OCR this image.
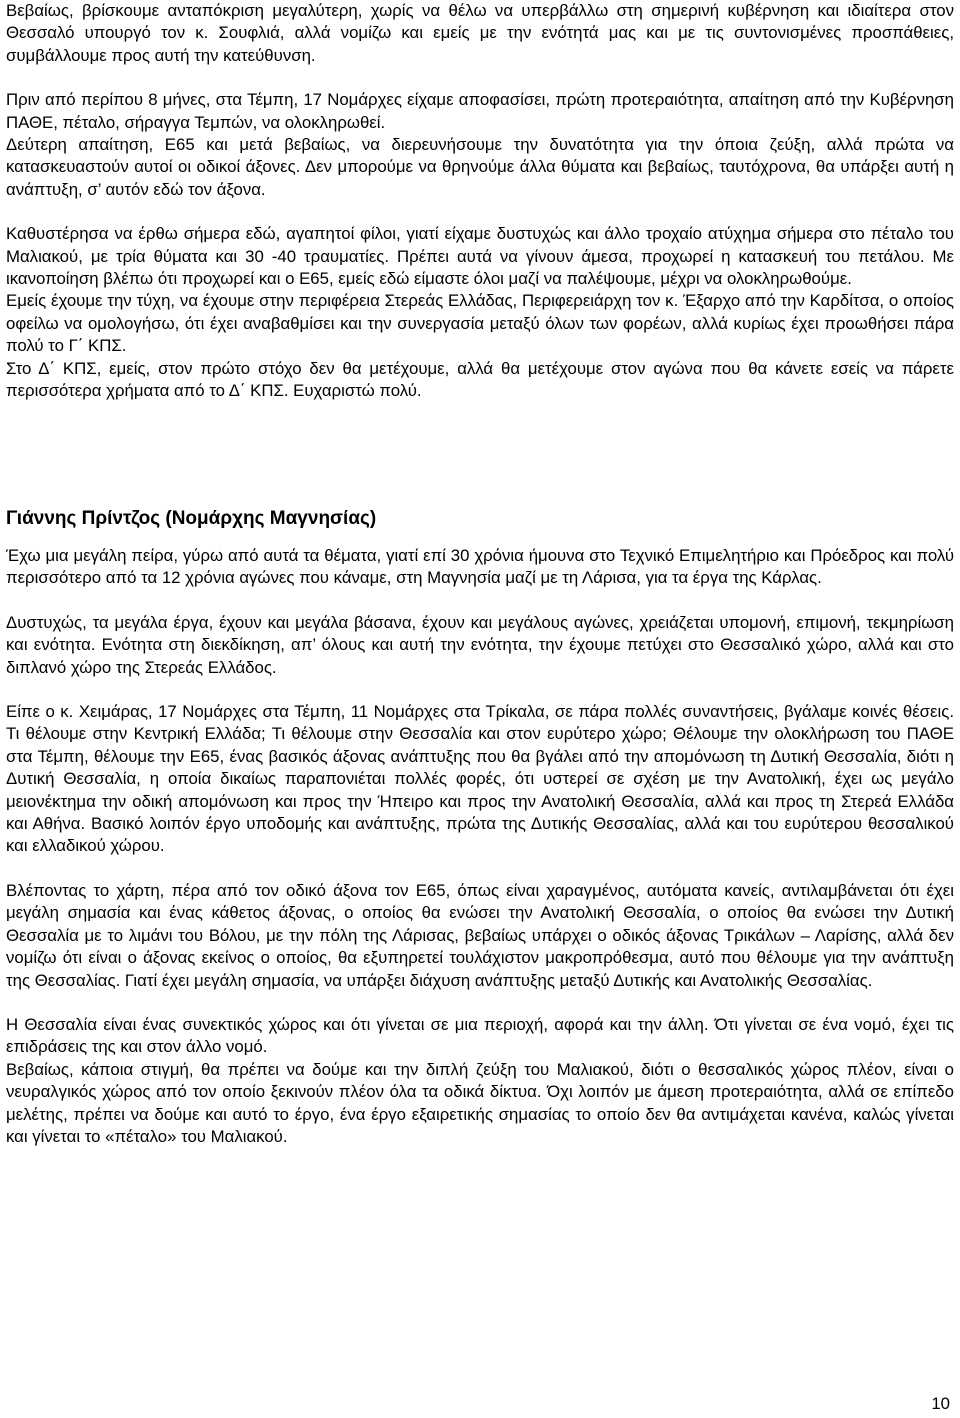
Βεβαίως, βρίσκουμε ανταπόκριση μεγαλύτερη, χωρίς να θέλω να υπερβάλλω στη σημερινή κυβέρνηση και ιδιαίτερα στον Θεσσαλό υπουργό τον κ. Σουφλιά, αλλά νομίζω και εμείς με την ενότητά μας και με τις συντονισμένες προσπάθειες, συμβάλλουμε προς αυτή την κατεύθυνση.

Πριν από περίπου 8 μήνες, στα Τέμπη, 17 Νομάρχες είχαμε αποφασίσει, πρώτη προτεραιότητα, απαίτηση από την Κυβέρνηση ΠΑΘΕ, πέταλο, σήραγγα Τεμπών, να ολοκληρωθεί.
Δεύτερη απαίτηση, Ε65 και μετά βεβαίως, να διερευνήσουμε την δυνατότητα για την όποια ζεύξη, αλλά πρώτα να κατασκευαστούν αυτοί οι οδικοί άξονες. Δεν μπορούμε να θρηνούμε άλλα θύματα και βεβαίως, ταυτόχρονα, θα υπάρξει αυτή η ανάπτυξη, σ’ αυτόν εδώ τον άξονα.

Καθυστέρησα να έρθω σήμερα εδώ, αγαπητοί φίλοι, γιατί είχαμε δυστυχώς και άλλο τροχαίο ατύχημα σήμερα στο πέταλο του Μαλιακού, με τρία θύματα και 30 -40 τραυματίες. Πρέπει αυτά να γίνουν άμεσα, προχωρεί η κατασκευή του πετάλου. Με ικανοποίηση βλέπω ότι προχωρεί και ο Ε65, εμείς εδώ είμαστε όλοι μαζί να παλέψουμε, μέχρι να ολοκληρωθούμε.
Εμείς έχουμε την τύχη, να έχουμε στην περιφέρεια Στερεάς Ελλάδας, Περιφερειάρχη τον κ. Έξαρχο από την Καρδίτσα, ο οποίος οφείλω να ομολογήσω, ότι έχει αναβαθμίσει και την συνεργασία μεταξύ όλων των φορέων, αλλά κυρίως έχει προωθήσει πάρα πολύ το Γ΄ ΚΠΣ.
Στο Δ΄ ΚΠΣ, εμείς, στον πρώτο στόχο δεν θα μετέχουμε, αλλά θα μετέχουμε στον αγώνα που θα κάνετε εσείς να πάρετε περισσότερα χρήματα από το Δ΄ ΚΠΣ. Ευχαριστώ πολύ.

Γιάννης Πρίντζος (Νομάρχης Μαγνησίας)

Έχω μια μεγάλη πείρα, γύρω από αυτά τα θέματα, γιατί επί 30 χρόνια ήμουνα στο Τεχνικό Επιμελητήριο και Πρόεδρος και πολύ περισσότερο από τα 12 χρόνια αγώνες που κάναμε, στη Μαγνησία μαζί με τη Λάρισα, για τα έργα της Κάρλας.

Δυστυχώς, τα μεγάλα έργα, έχουν και μεγάλα βάσανα, έχουν και μεγάλους αγώνες, χρειάζεται υπομονή, επιμονή, τεκμηρίωση και ενότητα. Ενότητα στη διεκδίκηση, απ’ όλους και αυτή την ενότητα, την έχουμε πετύχει στο Θεσσαλικό χώρο, αλλά και στο διπλανό χώρο της Στερεάς Ελλάδος.

Είπε ο κ. Χειμάρας, 17 Νομάρχες στα Τέμπη, 11 Νομάρχες στα Τρίκαλα, σε πάρα πολλές συναντήσεις, βγάλαμε κοινές θέσεις. Τι θέλουμε στην Κεντρική Ελλάδα; Τι θέλουμε στην Θεσσαλία και στον ευρύτερο χώρο; Θέλουμε την ολοκλήρωση του ΠΑΘΕ στα Τέμπη, θέλουμε την Ε65, ένας βασικός άξονας ανάπτυξης που θα βγάλει από την απομόνωση τη Δυτική Θεσσαλία, διότι η Δυτική Θεσσαλία, η οποία δικαίως παραπονιέται πολλές φορές, ότι υστερεί σε σχέση με την Ανατολική, έχει ως μεγάλο μειονέκτημα την οδική απομόνωση και προς την Ήπειρο και προς την Ανατολική Θεσσαλία, αλλά και προς τη Στερεά Ελλάδα και Αθήνα. Βασικό λοιπόν έργο υποδομής και ανάπτυξης, πρώτα της Δυτικής Θεσσαλίας, αλλά και του ευρύτερου θεσσαλικού και ελλαδικού χώρου.

Βλέποντας το χάρτη, πέρα από τον οδικό άξονα τον Ε65, όπως είναι χαραγμένος, αυτόματα κανείς, αντιλαμβάνεται ότι έχει μεγάλη σημασία και ένας κάθετος άξονας, ο οποίος θα ενώσει την Ανατολική Θεσσαλία, ο οποίος θα ενώσει την Δυτική Θεσσαλία με το λιμάνι του Βόλου, με την πόλη της Λάρισας, βεβαίως υπάρχει ο οδικός άξονας Τρικάλων – Λαρίσης, αλλά δεν νομίζω ότι είναι ο άξονας εκείνος ο οποίος, θα εξυπηρετεί τουλάχιστον μακροπρόθεσμα, αυτό που θέλουμε για την ανάπτυξη της Θεσσαλίας. Γιατί έχει μεγάλη σημασία, να υπάρξει διάχυση ανάπτυξης μεταξύ Δυτικής και Ανατολικής Θεσσαλίας.

Η Θεσσαλία είναι ένας συνεκτικός χώρος και ότι γίνεται σε μια περιοχή, αφορά και την άλλη. Ότι γίνεται σε ένα νομό, έχει τις επιδράσεις της και στον άλλο νομό.
Βεβαίως, κάποια στιγμή, θα πρέπει να δούμε και την διπλή ζεύξη του Μαλιακού, διότι ο θεσσαλικός χώρος πλέον, είναι ο νευραλγικός χώρος από τον οποίο ξεκινούν πλέον όλα τα οδικά δίκτυα. Όχι λοιπόν με άμεση προτεραιότητα, αλλά σε επίπεδο μελέτης, πρέπει να δούμε και αυτό το έργο, ένα έργο εξαιρετικής σημασίας το οποίο δεν θα αντιμάχεται κανένα, καλώς γίνεται και γίνεται το «πέταλο» του Μαλιακού.

10
